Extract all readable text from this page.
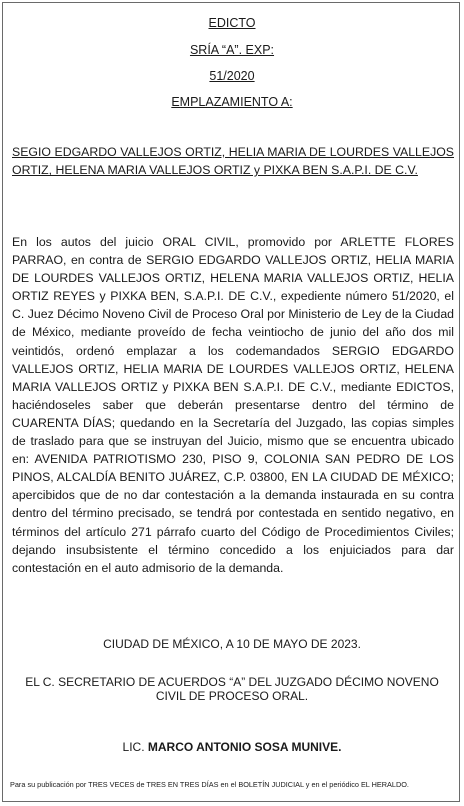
EDICTO
SRÍA “A”. EXP:
51/2020
EMPLAZAMIENTO A:
SEGIO EDGARDO VALLEJOS ORTIZ, HELIA MARIA DE LOURDES VALLEJOS ORTIZ, HELENA MARIA VALLEJOS ORTIZ y PIXKA BEN S.A.P.I. DE C.V.
En los autos del juicio ORAL CIVIL, promovido por ARLETTE FLORES PARRAO, en contra de SERGIO EDGARDO VALLEJOS ORTIZ, HELIA MARIA DE LOURDES VALLEJOS ORTIZ, HELENA MARIA VALLEJOS ORTIZ, HELIA ORTIZ REYES y PIXKA BEN, S.A.P.I. DE C.V., expediente número 51/2020, el C. Juez Décimo Noveno Civil de Proceso Oral por Ministerio de Ley de la Ciudad de México, mediante proveído de fecha veintiocho de junio del año dos mil veintidós, ordenó emplazar a los codemandados SERGIO EDGARDO VALLEJOS ORTIZ, HELIA MARIA DE LOURDES VALLEJOS ORTIZ, HELENA MARIA VALLEJOS ORTIZ y PIXKA BEN S.A.P.I. DE C.V., mediante EDICTOS, haciéndoseles saber que deberán presentarse dentro del término de CUARENTA DÍAS; quedando en la Secretaría del Juzgado, las copias simples de traslado para que se instruyan del Juicio, mismo que se encuentra ubicado en: AVENIDA PATRIOTISMO 230, PISO 9, COLONIA SAN PEDRO DE LOS PINOS, ALCALDÍA BENITO JUÁREZ, C.P. 03800, EN LA CIUDAD DE MÉXICO; apercibidos que de no dar contestación a la demanda instaurada en su contra dentro del término precisado, se tendrá por contestada en sentido negativo, en términos del artículo 271 párrafo cuarto del Código de Procedimientos Civiles; dejando insubsistente el término concedido a los enjuiciados para dar contestación en el auto admisorio de la demanda.
CIUDAD DE MÉXICO, A 10 DE MAYO DE 2023.
EL C. SECRETARIO DE ACUERDOS “A” DEL JUZGADO DÉCIMO NOVENO
CIVIL DE PROCESO ORAL.
LIC. MARCO ANTONIO SOSA MUNIVE.
Para su publicación por TRES VECES de TRES EN TRES DÍAS en el BOLETÍN JUDICIAL y en el periódico EL HERALDO.
